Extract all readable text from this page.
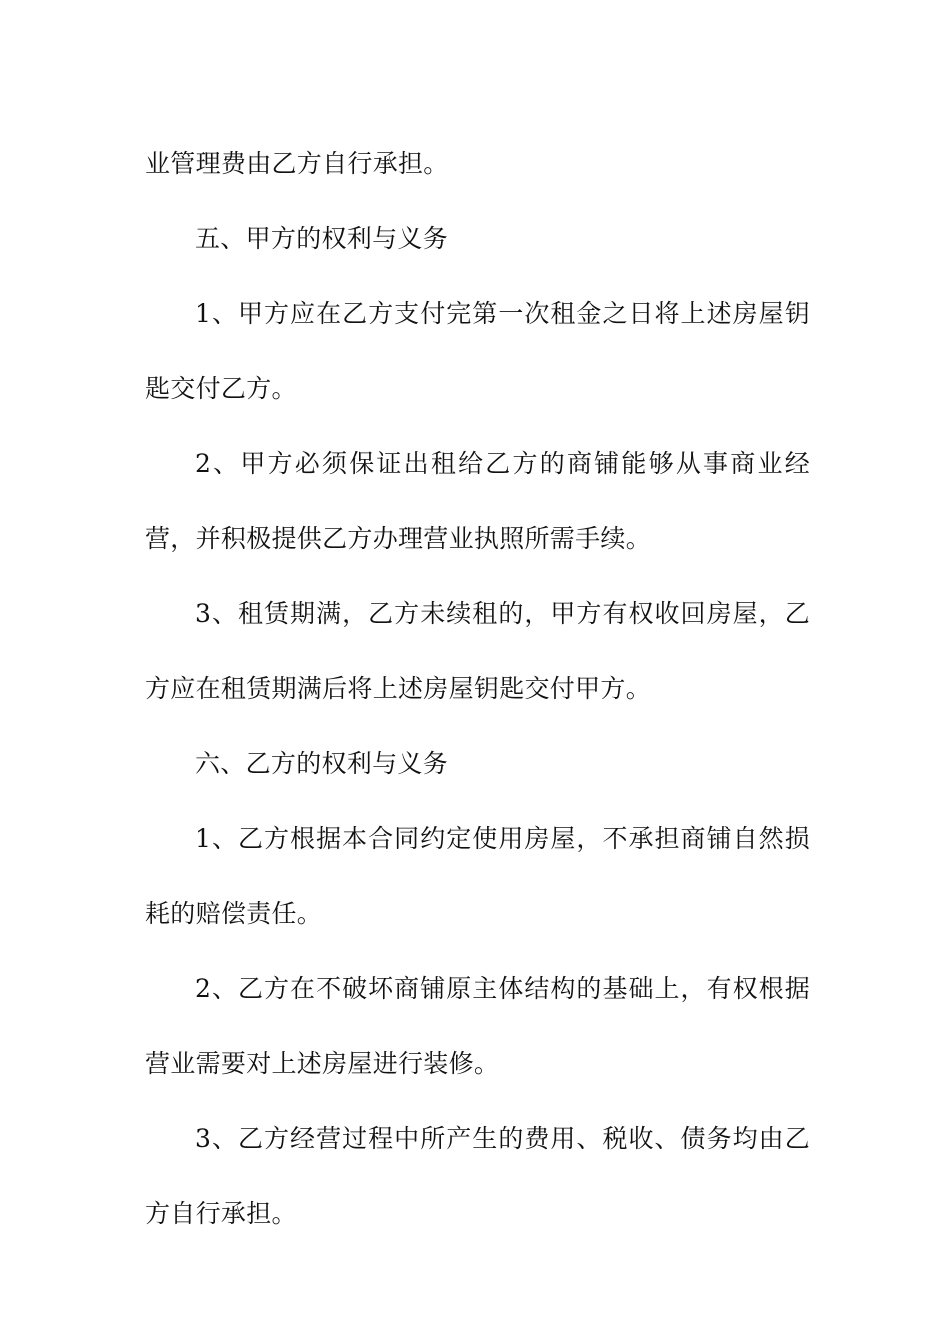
业管理费由乙方自行承担。

五、甲方的权利与义务

1、甲方应在乙方支付完第一次租金之日将上述房屋钥匙交付乙方。

2、甲方必须保证出租给乙方的商铺能够从事商业经营，并积极提供乙方办理营业执照所需手续。

3、租赁期满，乙方未续租的，甲方有权收回房屋，乙方应在租赁期满后将上述房屋钥匙交付甲方。

六、乙方的权利与义务

1、乙方根据本合同约定使用房屋，不承担商铺自然损耗的赔偿责任。

2、乙方在不破坏商铺原主体结构的基础上，有权根据营业需要对上述房屋进行装修。

3、乙方经营过程中所产生的费用、税收、债务均由乙方自行承担。
